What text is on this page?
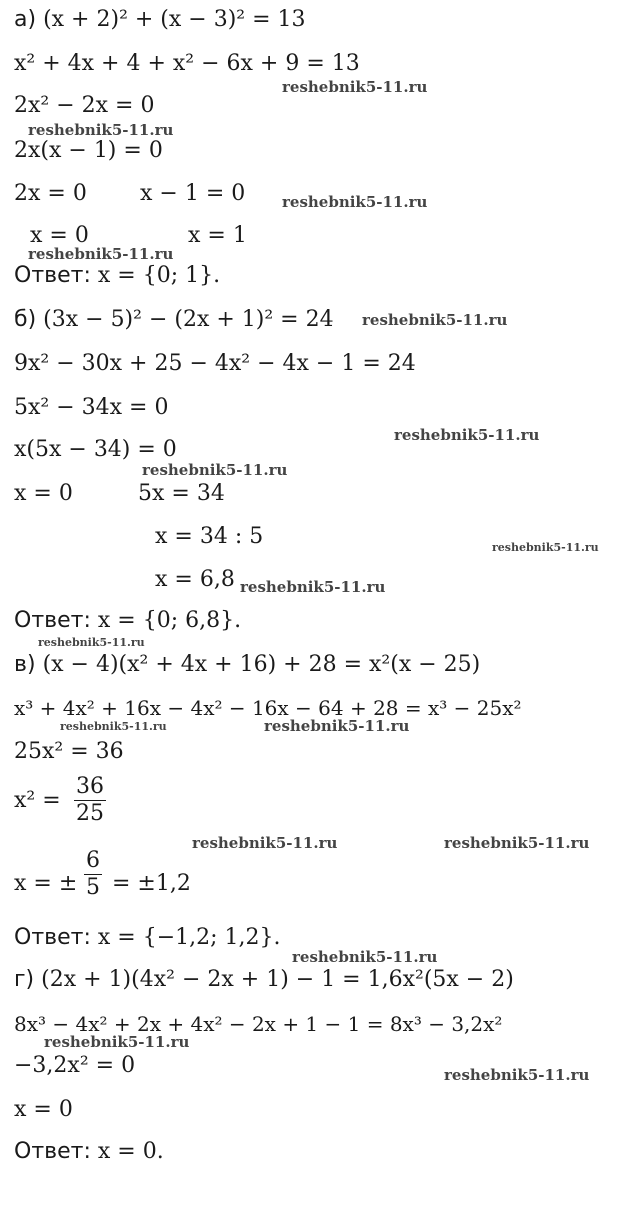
а) (x + 2)² + (x − 3)² = 13
x² + 4x + 4 + x² − 6x + 9 = 13
2x² − 2x = 0
2x(x − 1) = 0
2x = 0 x − 1 = 0
x = 0	x = 1
Ответ: x = {0; 1}.
б) (3x − 5)² − (2x + 1)² = 24
9x² − 30x + 25 − 4x² − 4x − 1 = 24
5x² − 34x = 0
x(5x − 34) = 0
x = 0	5x = 34
x = 34 : 5
x = 6,8
Ответ: x = {0; 6,8}.
в) (x − 4)(x² + 4x + 16) + 28 = x²(x − 25)
x³ + 4x² + 16x − 4x² − 16x − 64 + 28 = x³ − 25x²
25x² = 36
$x^2 = \frac{36}{25}$
x = ± $\frac{6}{5} = \pm 1,2$
Ответ: x = {−1,2; 1,2}.
г) (2x + 1)(4x² − 2x + 1) − 1 = 1,6x²(5x − 2)
8x³ − 4x² + 2x + 4x² − 2x + 1 − 1 = 8x³ − 3,2x²
−3,2x² = 0
x = 0
Ответ: x = 0.
reshebnik5-11.ru
reshebnik5-11.ru
reshebnik5-11.ru
reshebnik5-11.ru
reshebnik5-11.ru
reshebnik5-11.ru
reshebnik5-11.ru
reshebnik5-11.ru
reshebnik5-11.ru
reshebnik5-11.ru
reshebnik5-11.ru	reshebnik5-11.ru
reshebnik5-11.ru	reshebnik5-11.ru
reshebnik5-11.ru
reshebnik5-11.ru
reshebnik5-11.ru
